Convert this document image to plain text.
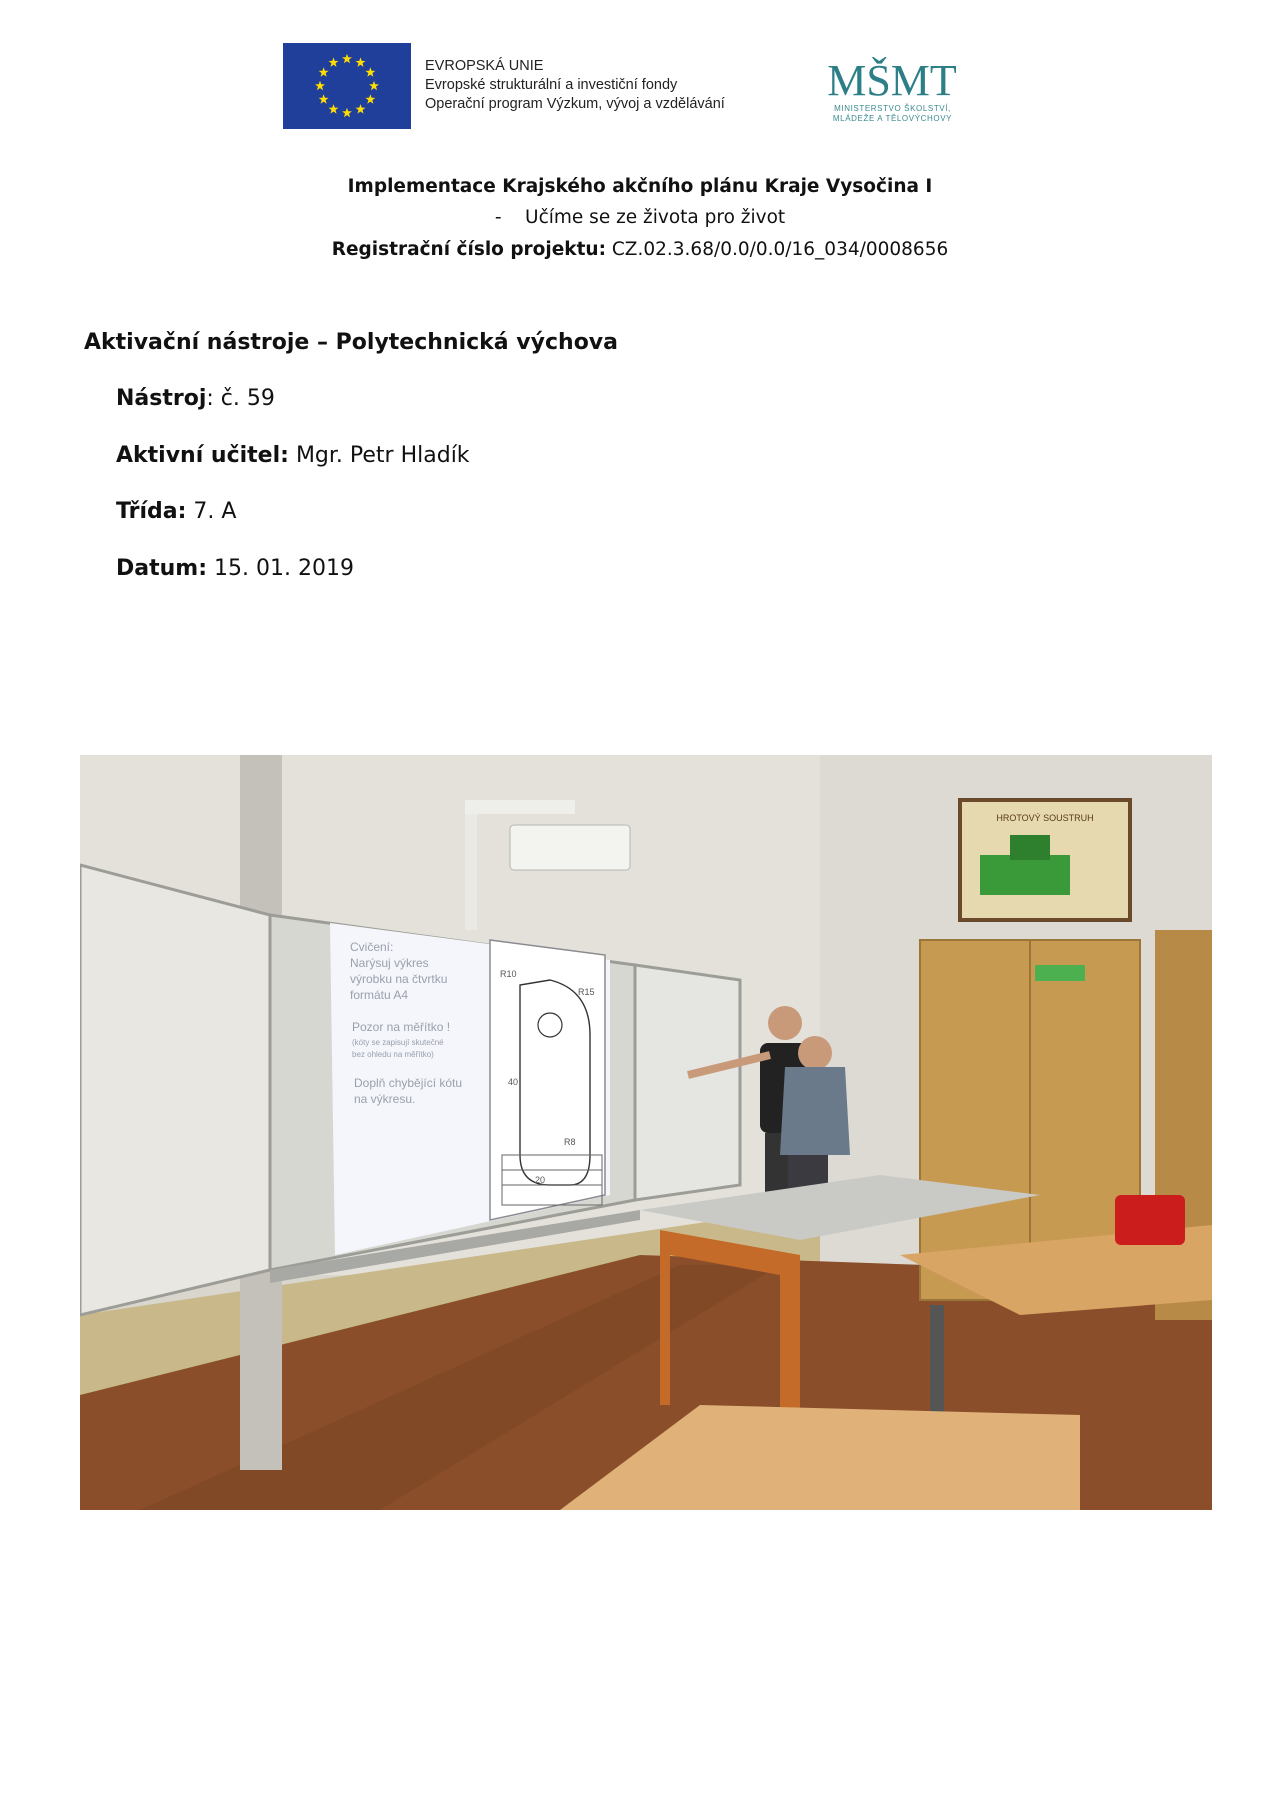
EVROPSKÁ UNIE
Evropské strukturální a investiční fondy
Operační program Výzkum, vývoj a vzdělávání MŠMT
MINISTERSTVO ŠKOLSTVÍ,
MLÁDEŽE A TĚLOVÝCHOVY
Implementace Krajského akčního plánu Kraje Vysočina I
-    Učíme se ze života pro život
Registrační číslo projektu: CZ.02.3.68/0.0/0.0/16_034/0008656
Aktivační nástroje – Polytechnická výchova
Nástroj: č. 59
Aktivní učitel: Mgr. Petr Hladík
Třída: 7. A
Datum: 15. 01. 2019
R10
R15
R8
40
20
Cvičení:
Narýsuj výkres
výrobku na čtvrtku
formátu A4
Pozor na měřítko !
(kóty se zapisují skutečné
bez ohledu na měřítko)
Doplň chybějící kótu
na výkresu.
HROTOVÝ SOUSTRUH
